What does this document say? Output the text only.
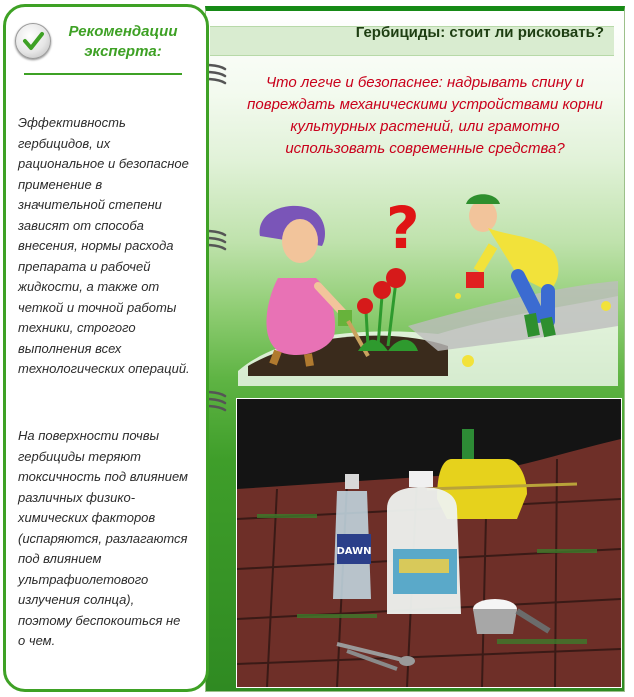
Гербициды: стоит ли рисковать?
Что легче и безопаснее: надрывать спину и повреждать механическими устройствами корни культурных растений, или грамотно использовать современные средства?
?
DAWN
Рекомендации
эксперта:
Эффективность гербицидов, их рациональное и безопасное применение в значительной степени зависят от способа внесения, нормы расхода препарата и рабочей жидкости, а также от четкой и точной работы техники, строгого выполнения всех технологических операций.
На поверхности почвы гербициды теряют токсичность под влиянием различных физико-химических факторов (испаряются, разлагаются под влиянием ультрафиолетового излучения солнца), поэтому беспокоиться не о чем.
